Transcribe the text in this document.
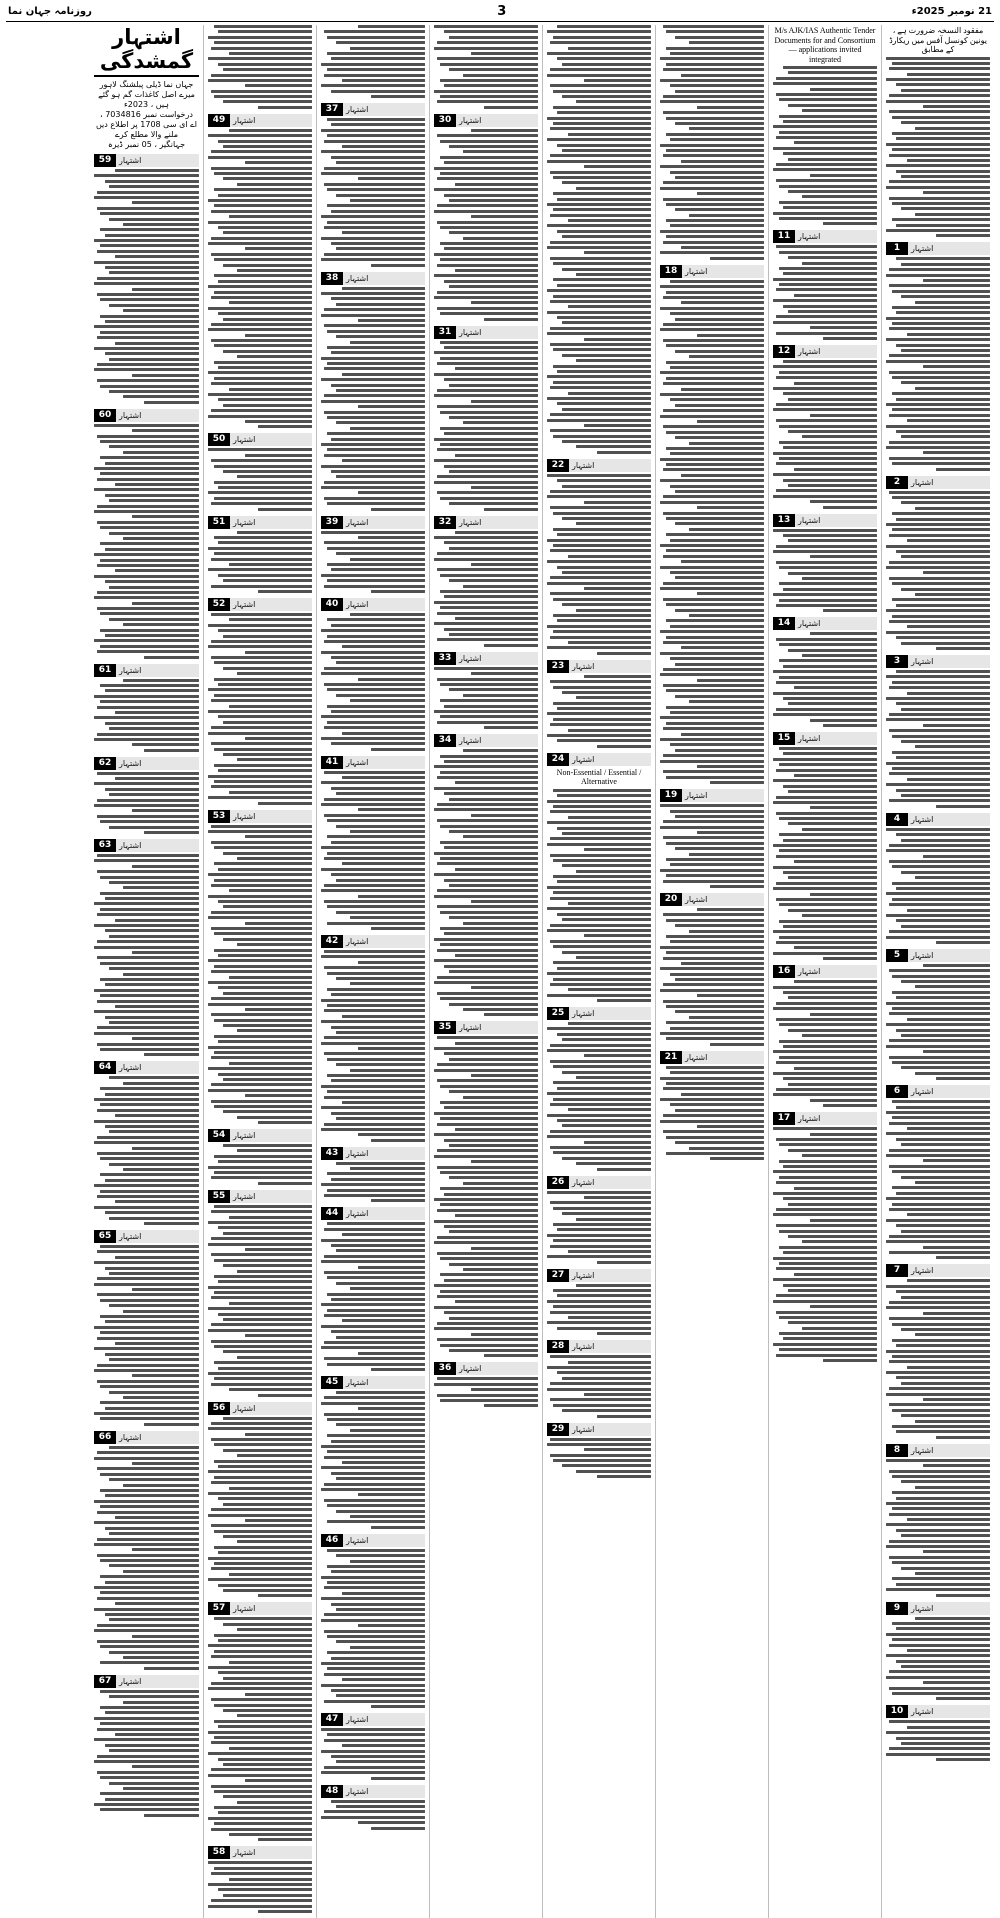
21 نومبر 2025ء
3
روزنامہ جہان نما
مفقود النسخہ ضرورت ہے ، یونین کونسل آفس میں ریکارڈ کے مطابق
اشتہار
1
اشتہار
2
اشتہار
3
اشتہار
4
اشتہار
5
اشتہار
6
اشتہار
7
اشتہار
8
اشتہار
9
اشتہار
10
M/s AJK/IAS Authentic Tender Documents for and Consortium — applications invited integrated
اشتہار
11
اشتہار
12
اشتہار
13
اشتہار
14
اشتہار
15
اشتہار
16
اشتہار
17
اشتہار
18
اشتہار
19
اشتہار
20
اشتہار
21
اشتہار
22
اشتہار
23
اشتہار
24
Non-Essential / Essential / Alternative
اشتہار
25
اشتہار
26
اشتہار
27
اشتہار
28
اشتہار
29
اشتہار
30
اشتہار
31
اشتہار
32
اشتہار
33
اشتہار
34
اشتہار
35
اشتہار
36
اشتہار
37
اشتہار
38
اشتہار
39
اشتہار
40
اشتہار
41
اشتہار
42
اشتہار
43
اشتہار
44
اشتہار
45
اشتہار
46
اشتہار
47
اشتہار
48
اشتہار
49
اشتہار
50
اشتہار
51
اشتہار
52
اشتہار
53
اشتہار
54
اشتہار
55
اشتہار
56
اشتہار
57
اشتہار
58
اشتہار گمشدگی
جہاں نما ڈیلی پبلشنگ لاہور
میرے اصل کاغذات گم ہو گئے ہیں ، 2023ء
درخواست نمبر 7034816 ،
اے ای سی 1708 پر اطلاع دیں
ملنے والا مطلع کرے
جہانگیر ، 05 نمبر ڈیرہ
اشتہار
59
اشتہار
60
اشتہار
61
اشتہار
62
اشتہار
63
اشتہار
64
اشتہار
65
اشتہار
66
اشتہار
67
